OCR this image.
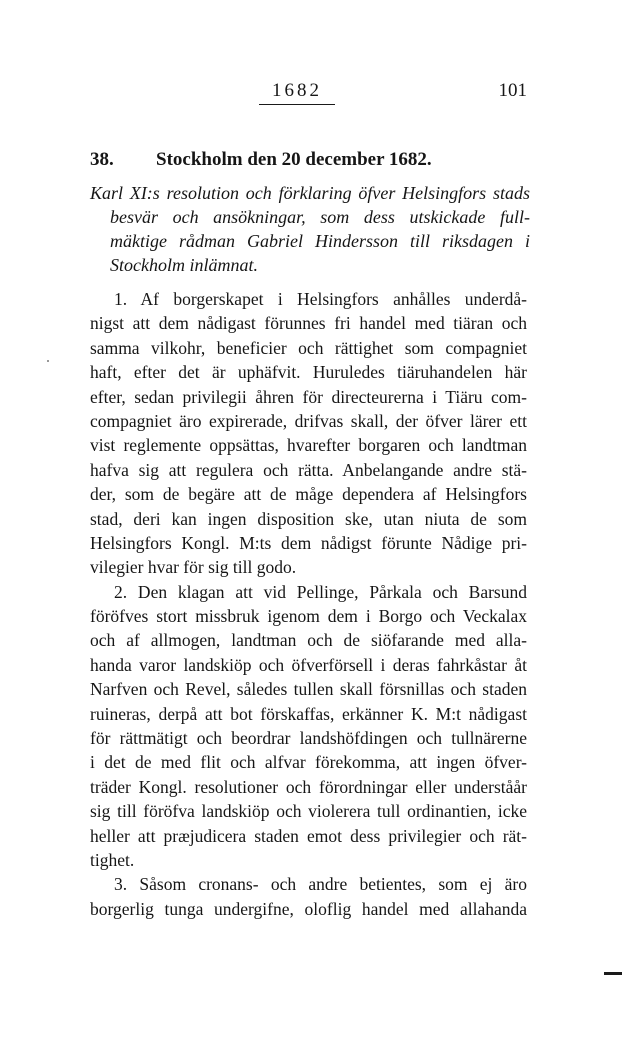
1682	101
38. Stockholm den 20 december 1682.
Karl XI:s resolution och förklaring öfver Helsingfors stads
besvär och ansökningar, som dess utskickade full-
mäktige rådman Gabriel Hindersson till riksdagen i
Stockholm inlämnat.
1. Af borgerskapet i Helsingfors anhålles underdå-
nigst att dem nådigast förunnes fri handel med tiäran och
samma vilkohr, beneficier och rättighet som compagniet
haft, efter det är uphäfvit. Huruledes tiäruhandelen här
efter, sedan privilegii åhren för directeurerna i Tiäru com-
compagniet äro expirerade, drifvas skall, der öfver lärer ett
vist reglemente oppsättas, hvarefter borgaren och landtman
hafva sig att regulera och rätta. Anbelangande andre stä-
der, som de begäre att de måge dependera af Helsingfors
stad, deri kan ingen disposition ske, utan niuta de som
Helsingfors Kongl. M:ts dem nådigst förunte Nådige pri-
vilegier hvar för sig till godo.
2. Den klagan att vid Pellinge, Pårkala och Barsund
föröfves stort missbruk igenom dem i Borgo och Veckalax
och af allmogen, landtman och de siöfarande med alla-
handa varor landskiöp och öfverförsell i deras fahrkåstar åt
Narfven och Revel, således tullen skall försnillas och staden
ruineras, derpå att bot förskaffas, erkänner K. M:t nådigast
för rättmätigt och beordrar landshöfdingen och tullnärerne
i det de med flit och alfvar förekomma, att ingen öfver-
träder Kongl. resolutioner och förordningar eller underståår
sig till föröfva landskiöp och violerera tull ordinantien, icke
heller att præjudicera staden emot dess privilegier och rät-
tighet.
3. Såsom cronans- och andre betientes, som ej äro
borgerlig tunga undergifne, oloflig handel med allahanda
